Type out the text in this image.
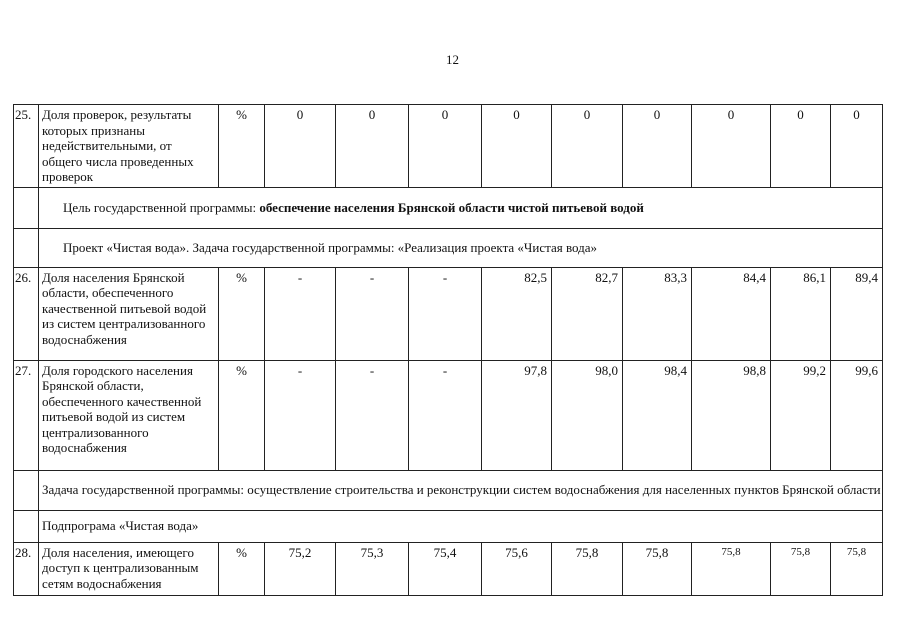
12
25.	Доля проверок, результаты которых признаны недействительными, от общего числа проведенных проверок	%	0	0	0	0	0	0	0	0	0
	Цель государственной программы: обеспечение населения Брянской области чистой питьевой водой										
	Проект «Чистая вода». Задача государственной программы: «Реализация проекта «Чистая вода»										
26.	Доля населения Брянской области, обеспеченного качественной питьевой водой из систем централизованного водоснабжения	%	-	-	-	82,5	82,7	83,3	84,4	86,1	89,4
27.	Доля городского населения Брянской области, обеспеченного качественной питьевой водой из систем централизованного водоснабжения	%	-	-	-	97,8	98,0	98,4	98,8	99,2	99,6
	Задача государственной программы: осуществление строительства и реконструкции систем водоснабжения для населенных пунктов Брянской области										
	Подпрограма «Чистая вода»										
28.	Доля населения, имеющего доступ к централизованным сетям водоснабжения	%	75,2	75,3	75,4	75,6	75,8	75,8	75,8	75,8	75,8
